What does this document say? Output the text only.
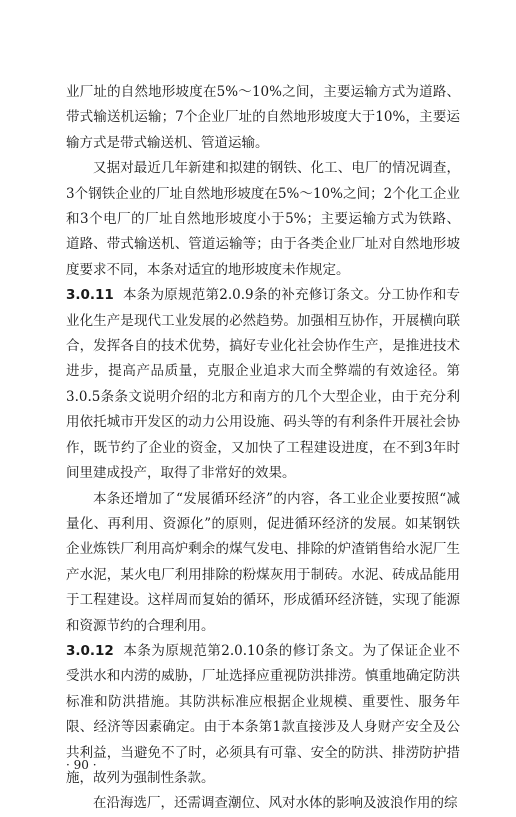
业厂址的自然地形坡度在5%～10%之间，主要运输方式为道路、带式输送机运输；7个企业厂址的自然地形坡度大于10%，主要运输方式是带式输送机、管道运输。

又据对最近几年新建和拟建的钢铁、化工、电厂的情况调查，3个钢铁企业的厂址自然地形坡度在5%～10%之间；2个化工企业和3个电厂的厂址自然地形坡度小于5%；主要运输方式为铁路、道路、带式输送机、管道运输等；由于各类企业厂址对自然地形坡度要求不同，本条对适宜的地形坡度未作规定。

3.0.11 本条为原规范第2.0.9条的补充修订条文。分工协作和专业化生产是现代工业发展的必然趋势。加强相互协作，开展横向联合，发挥各自的技术优势，搞好专业化社会协作生产，是推进技术进步，提高产品质量，克服企业追求大而全弊端的有效途径。第3.0.5条条文说明介绍的北方和南方的几个大型企业，由于充分利用依托城市开发区的动力公用设施、码头等的有利条件开展社会协作，既节约了企业的资金，又加快了工程建设进度，在不到3年时间里建成投产，取得了非常好的效果。

本条还增加了“发展循环经济”的内容，各工业企业要按照“减量化、再利用、资源化”的原则，促进循环经济的发展。如某钢铁企业炼铁厂利用高炉剩余的煤气发电、排除的炉渣销售给水泥厂生产水泥，某火电厂利用排除的粉煤灰用于制砖。水泥、砖成品能用于工程建设。这样周而复始的循环，形成循环经济链，实现了能源和资源节约的合理利用。

3.0.12 本条为原规范第2.0.10条的修订条文。为了保证企业不受洪水和内涝的威胁，厂址选择应重视防洪排涝。慎重地确定防洪标准和防洪措施。其防洪标准应根据企业规模、重要性、服务年限、经济等因素确定。由于本条第1款直接涉及人身财产安全及公共利益，当避免不了时，必须具有可靠、安全的防洪、排涝防护措施，故列为强制性条款。

在沿海选厂，还需调查潮位、风对水体的影响及波浪作用的综

· 90 ·
